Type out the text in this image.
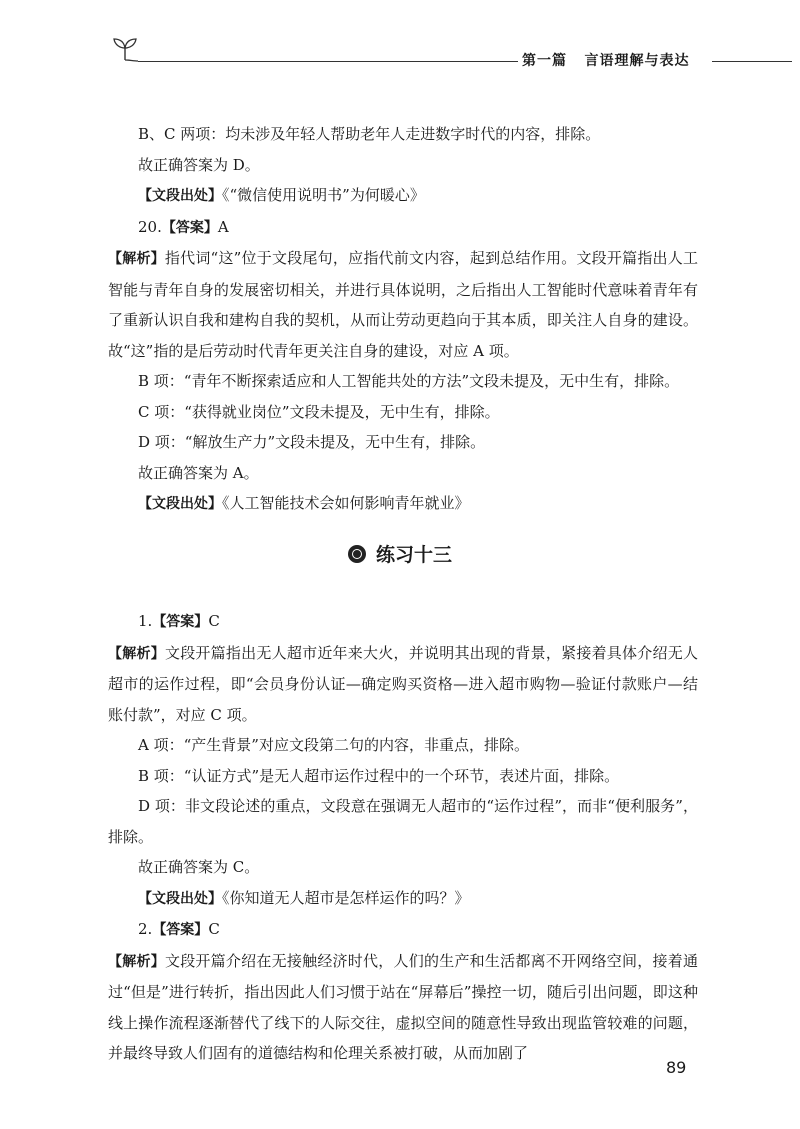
第一篇 言语理解与表达

B、C 两项：均未涉及年轻人帮助老年人走进数字时代的内容，排除。

故正确答案为 D。

【文段出处】《“微信使用说明书”为何暖心》

20.【答案】A

【解析】指代词“这”位于文段尾句，应指代前文内容，起到总结作用。文段开篇指出人工智能与青年自身的发展密切相关，并进行具体说明，之后指出人工智能时代意味着青年有了重新认识自我和建构自我的契机，从而让劳动更趋向于其本质，即关注人自身的建设。故“这”指的是后劳动时代青年更关注自身的建设，对应 A 项。

B 项：“青年不断探索适应和人工智能共处的方法”文段未提及，无中生有，排除。

C 项：“获得就业岗位”文段未提及，无中生有，排除。

D 项：“解放生产力”文段未提及，无中生有，排除。

故正确答案为 A。

【文段出处】《人工智能技术会如何影响青年就业》

练习十三

1.【答案】C

【解析】文段开篇指出无人超市近年来大火，并说明其出现的背景，紧接着具体介绍无人超市的运作过程，即“会员身份认证—确定购买资格—进入超市购物—验证付款账户—结账付款”，对应 C 项。

A 项：“产生背景”对应文段第二句的内容，非重点，排除。

B 项：“认证方式”是无人超市运作过程中的一个环节，表述片面，排除。

D 项：非文段论述的重点，文段意在强调无人超市的“运作过程”，而非“便利服务”，排除。

故正确答案为 C。

【文段出处】《你知道无人超市是怎样运作的吗？》

2.【答案】C

【解析】文段开篇介绍在无接触经济时代，人们的生产和生活都离不开网络空间，接着通过“但是”进行转折，指出因此人们习惯于站在“屏幕后”操控一切，随后引出问题，即这种线上操作流程逐渐替代了线下的人际交往，虚拟空间的随意性导致出现监管较难的问题，并最终导致人们固有的道德结构和伦理关系被打破，从而加剧了

89
